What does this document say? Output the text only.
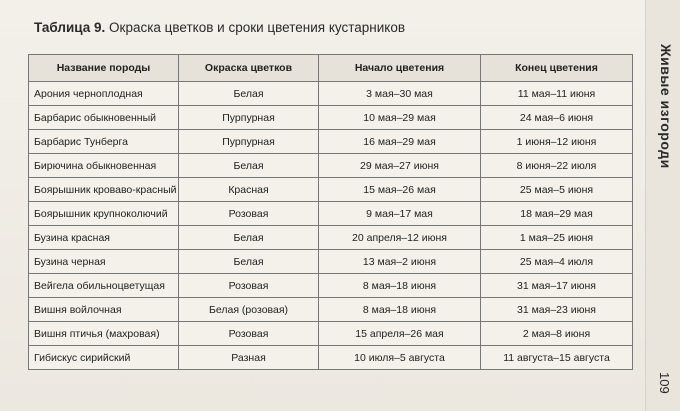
Таблица 9. Окраска цветков и сроки цветения кустарников
Название породы	Окраска цветков	Начало цветения	Конец цветения
Арония черноплодная	Белая	3 мая–30 мая	11 мая–11 июня
Барбарис обыкновенный	Пурпурная	10 мая–29 мая	24 мая–6 июня
Барбарис Тунберга	Пурпурная	16 мая–29 мая	1 июня–12 июня
Бирючина обыкновенная	Белая	29 мая–27 июня	8 июня–22 июля
Боярышник кроваво-красный	Красная	15 мая–26 мая	25 мая–5 июня
Боярышник крупноколючий	Розовая	9 мая–17 мая	18 мая–29 мая
Бузина красная	Белая	20 апреля–12 июня	1 мая–25 июня
Бузина черная	Белая	13 мая–2 июня	25 мая–4 июля
Вейгела обильноцветущая	Розовая	8 мая–18 июня	31 мая–17 июня
Вишня войлочная	Белая (розовая)	8 мая–18 июня	31 мая–23 июня
Вишня птичья (махровая)	Розовая	15 апреля–26 мая	2 мая–8 июня
Гибискус сирийский	Разная	10 июля–5 августа	11 августа–15 августа
Живые изгороди
109
